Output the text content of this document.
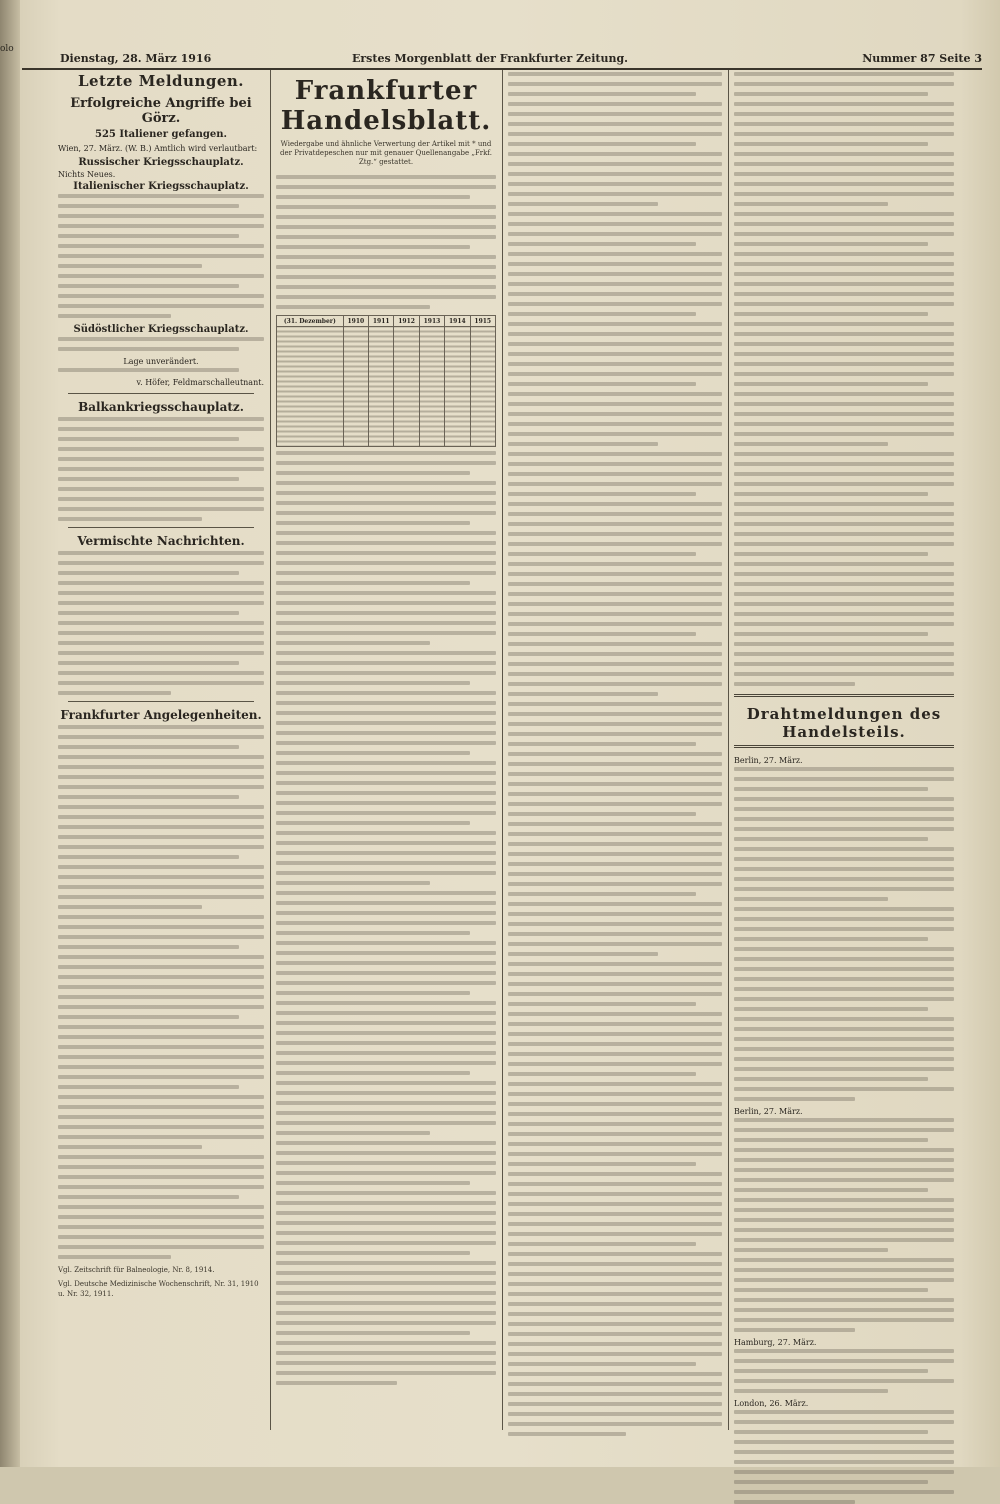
olo
Dienstag, 28. März 1916	Erstes Morgenblatt der Frankfurter Zeitung.	Nummer 87 Seite 3
Letzte Meldungen.
Erfolgreiche Angriffe bei Görz.
525 Italiener gefangen.
Wien, 27. März. (W. B.) Amtlich wird verlautbart:
Russischer Kriegsschauplatz.
Nichts Neues.
Italienischer Kriegsschauplatz.
Südöstlicher Kriegsschauplatz.
Lage unverändert.
v. Höfer, Feldmarschalleutnant.
Balkankriegsschauplatz.
Vermischte Nachrichten.
Frankfurter Angelegenheiten.
Vgl. Zeitschrift für Balneologie, Nr. 8, 1914.
Vgl. Deutsche Medizinische Wochenschrift, Nr. 31, 1910 u. Nr. 32, 1911.
Frankfurter Handelsblatt.
Wiedergabe und ähnliche Verwertung der Artikel mit * und der Privatdepeschen nur mit genauer Quellenangabe „Frkf. Ztg.“ gestattet.
(31. Dezember)	1910	1911	1912	1913	1914	1915

Drahtmeldungen des Handelsteils.
Berlin, 27. März.
Berlin, 27. März.
Hamburg, 27. März.
London, 26. März.
